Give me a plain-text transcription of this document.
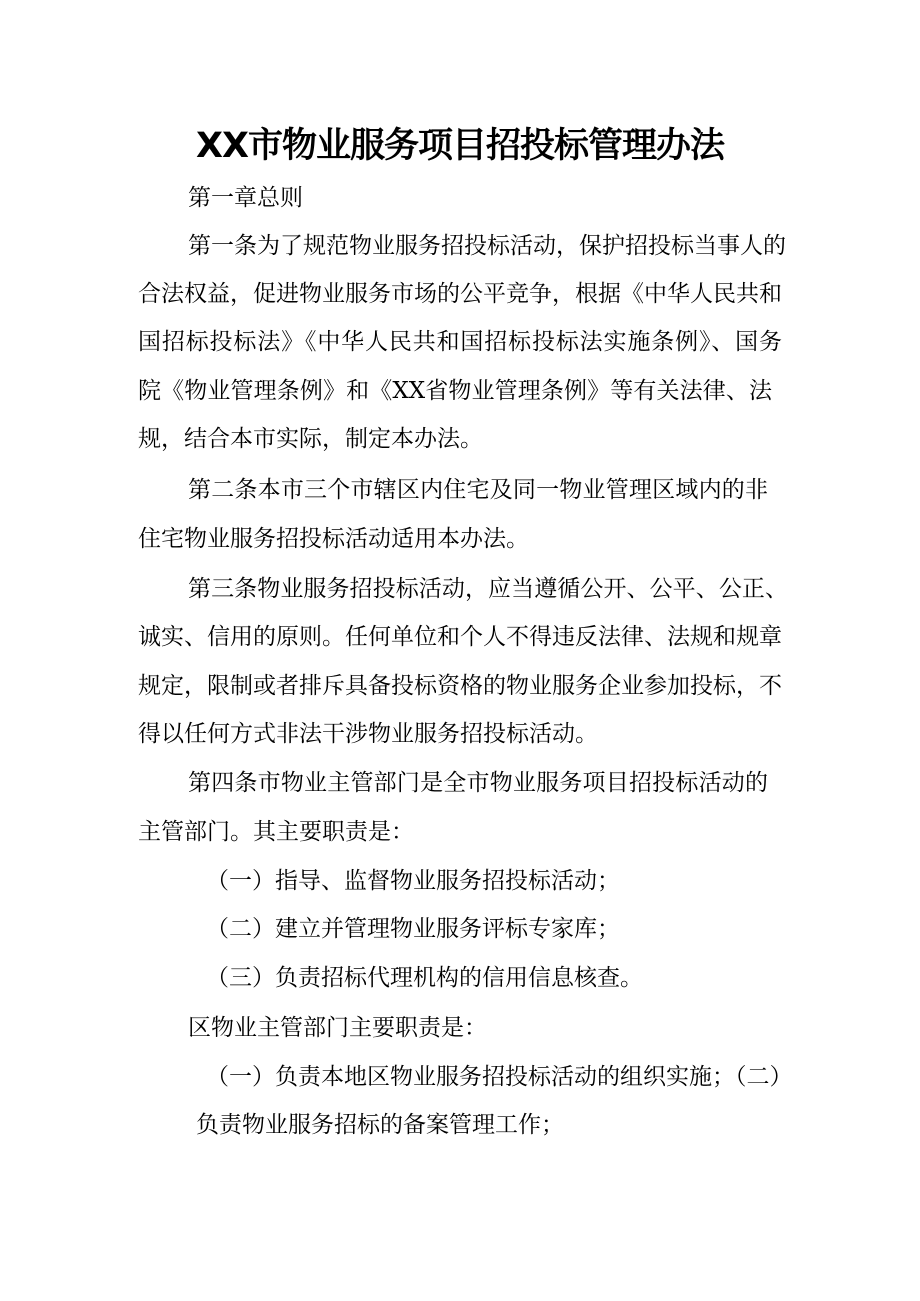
XX市物业服务项目招投标管理办法
第一章总则
第一条为了规范物业服务招投标活动，保护招投标当事人的
合法权益，促进物业服务市场的公平竞争，根据《中华人民共和
国招标投标法》《中华人民共和国招标投标法实施条例》、国务
院《物业管理条例》和《XX省物业管理条例》等有关法律、法
规，结合本市实际，制定本办法。
第二条本市三个市辖区内住宅及同一物业管理区域内的非
住宅物业服务招投标活动适用本办法。
第三条物业服务招投标活动，应当遵循公开、公平、公正、
诚实、信用的原则。任何单位和个人不得违反法律、法规和规章
规定，限制或者排斥具备投标资格的物业服务企业参加投标，不
得以任何方式非法干涉物业服务招投标活动。
第四条市物业主管部门是全市物业服务项目招投标活动的
主管部门。其主要职责是：
（一）指导、监督物业服务招投标活动；
（二）建立并管理物业服务评标专家库；
（三）负责招标代理机构的信用信息核查。
区物业主管部门主要职责是：
（一）负责本地区物业服务招投标活动的组织实施；（二）
负责物业服务招标的备案管理工作；
